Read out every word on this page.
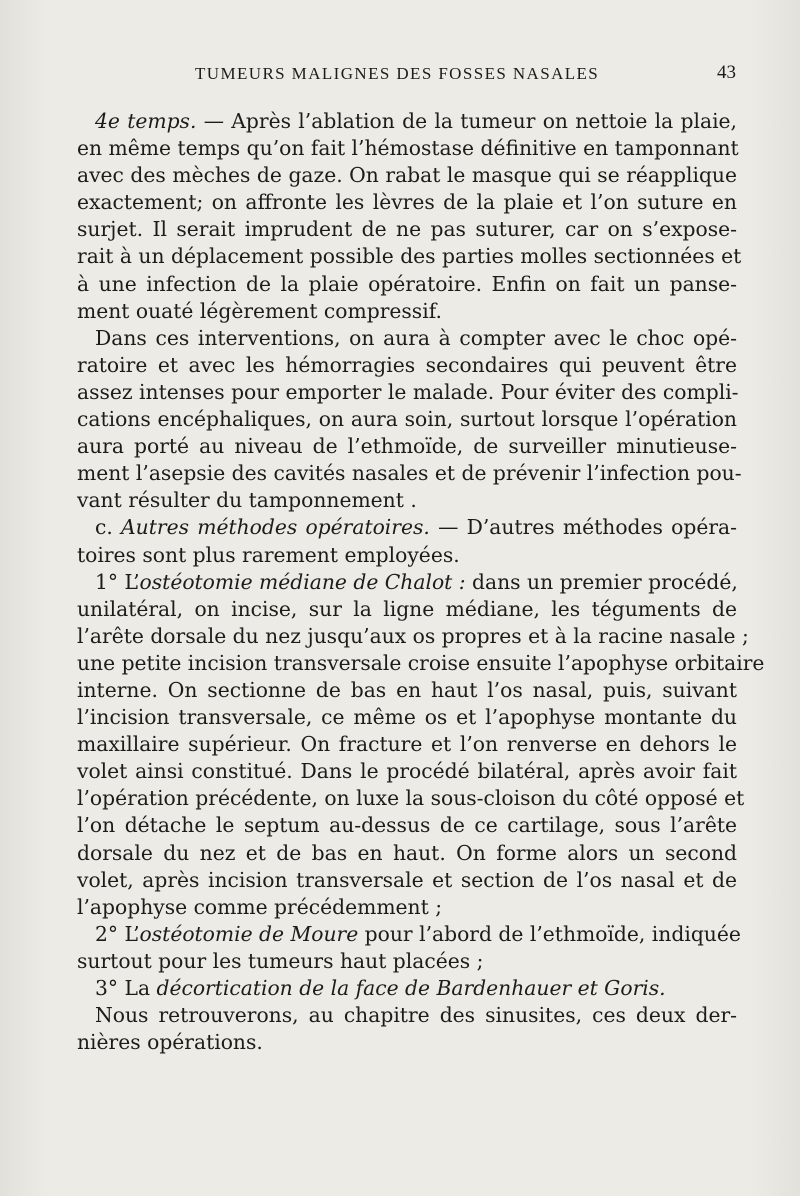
TUMEURS MALIGNES DES FOSSES NASALES	43
4e temps. — Après l’ablation de la tumeur on nettoie la plaie,
en même temps qu’on fait l’hémostase définitive en tamponnant
avec des mèches de gaze. On rabat le masque qui se réapplique
exactement; on affronte les lèvres de la plaie et l’on suture en
surjet. Il serait imprudent de ne pas suturer, car on s’expose-
rait à un déplacement possible des parties molles sectionnées et
à une infection de la plaie opératoire. Enfin on fait un panse-
ment ouaté légèrement compressif.
Dans ces interventions, on aura à compter avec le choc opé-
ratoire et avec les hémorragies secondaires qui peuvent être
assez intenses pour emporter le malade. Pour éviter des compli-
cations encéphaliques, on aura soin, surtout lorsque l’opération
aura porté au niveau de l’ethmoïde, de surveiller minutieuse-
ment l’asepsie des cavités nasales et de prévenir l’infection pou-
vant résulter du tamponnement .
c. Autres méthodes opératoires. — D’autres méthodes opéra-
toires sont plus rarement employées.
1° L’ostéotomie médiane de Chalot : dans un premier procédé,
unilatéral, on incise, sur la ligne médiane, les téguments de
l’arête dorsale du nez jusqu’aux os propres et à la racine nasale ;
une petite incision transversale croise ensuite l’apophyse orbitaire
interne. On sectionne de bas en haut l’os nasal, puis, suivant
l’incision transversale, ce même os et l’apophyse montante du
maxillaire supérieur. On fracture et l’on renverse en dehors le
volet ainsi constitué. Dans le procédé bilatéral, après avoir fait
l’opération précédente, on luxe la sous-cloison du côté opposé et
l’on détache le septum au-dessus de ce cartilage, sous l’arête
dorsale du nez et de bas en haut. On forme alors un second
volet, après incision transversale et section de l’os nasal et de
l’apophyse comme précédemment ;
2° L’ostéotomie de Moure pour l’abord de l’ethmoïde, indiquée
surtout pour les tumeurs haut placées ;
3° La décortication de la face de Bardenhauer et Goris.
Nous retrouverons, au chapitre des sinusites, ces deux der-
nières opérations.
